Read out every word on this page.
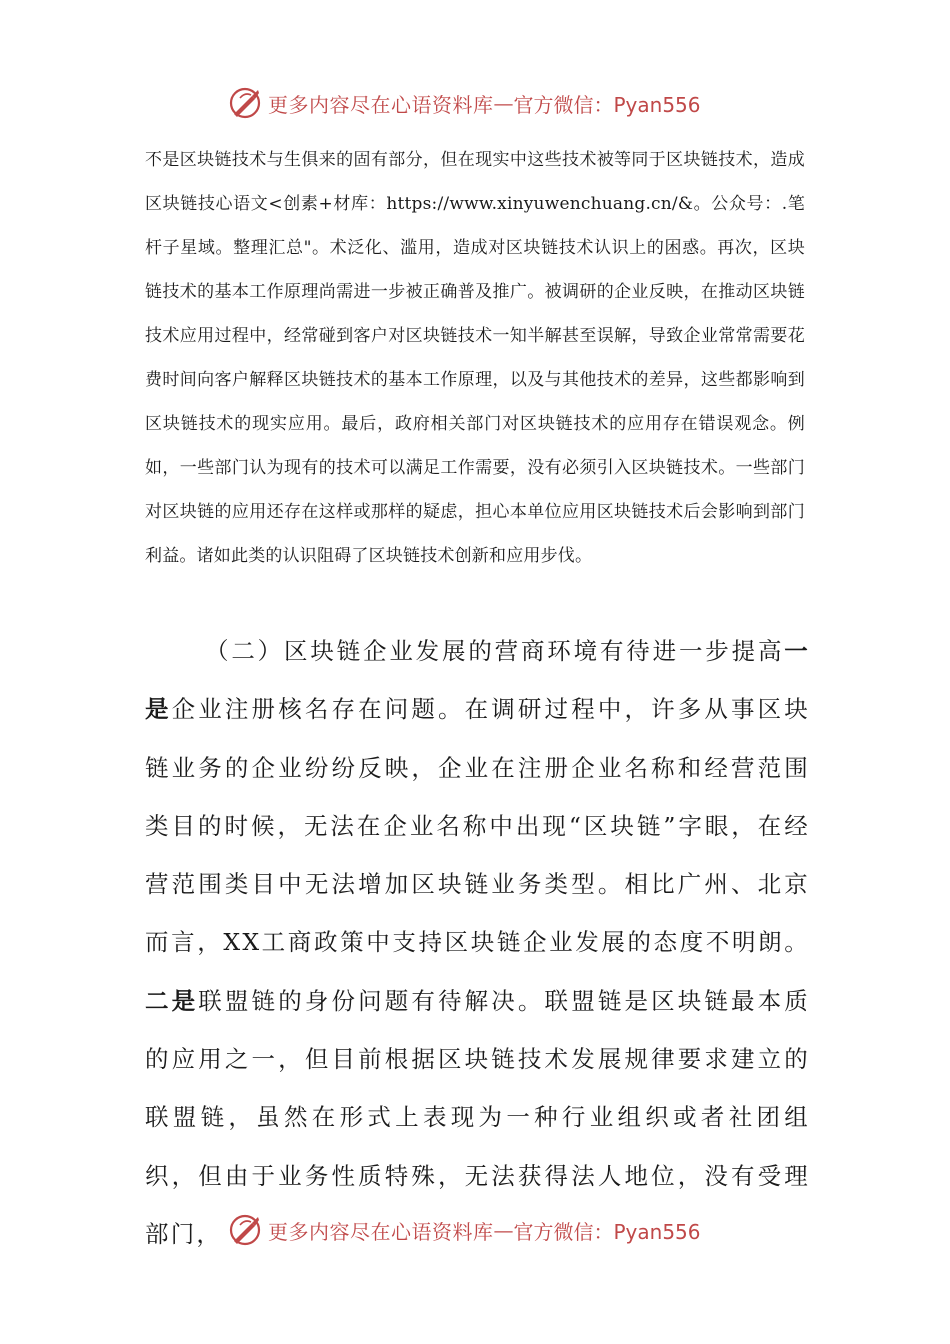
更多内容尽在心语资料库 — 官方微信：Pyan556

不是区块链技术与生俱来的固有部分，但在现实中这些技术被等同于区块链技术，造成区块链技心语文<创素+材库：https://www.xinyuwenchuang.cn/&。公众号：.笔杆子星域。整理汇总"。术泛化、滥用，造成对区块链技术认识上的困惑。再次，区块链技术的基本工作原理尚需进一步被正确普及推广。被调研的企业反映，在推动区块链技术应用过程中，经常碰到客户对区块链技术一知半解甚至误解，导致企业常常需要花费时间向客户解释区块链技术的基本工作原理，以及与其他技术的差异，这些都影响到区块链技术的现实应用。最后，政府相关部门对区块链技术的应用存在错误观念。例如，一些部门认为现有的技术可以满足工作需要，没有必须引入区块链技术。一些部门对区块链的应用还存在这样或那样的疑虑，担心本单位应用区块链技术后会影响到部门利益。诸如此类的认识阻碍了区块链技术创新和应用步伐。

（二）区块链企业发展的营商环境有待进一步提高一是企业注册核名存在问题。在调研过程中，许多从事区块链业务的企业纷纷反映，企业在注册企业名称和经营范围类目的时候，无法在企业名称中出现“区块链”字眼，在经营范围类目中无法增加区块链业务类型。相比广州、北京而言，XX工商政策中支持区块链企业发展的态度不明朗。二是联盟链的身份问题有待解决。联盟链是区块链最本质的应用之一，但目前根据区块链技术发展规律要求建立的联盟链，虽然在形式上表现为一种行业组织或者社团组织，但由于业务性质特殊，无法获得法人地位，没有受理部门，	更多内容尽在心语资料库 — 官方微信：Pyan556
